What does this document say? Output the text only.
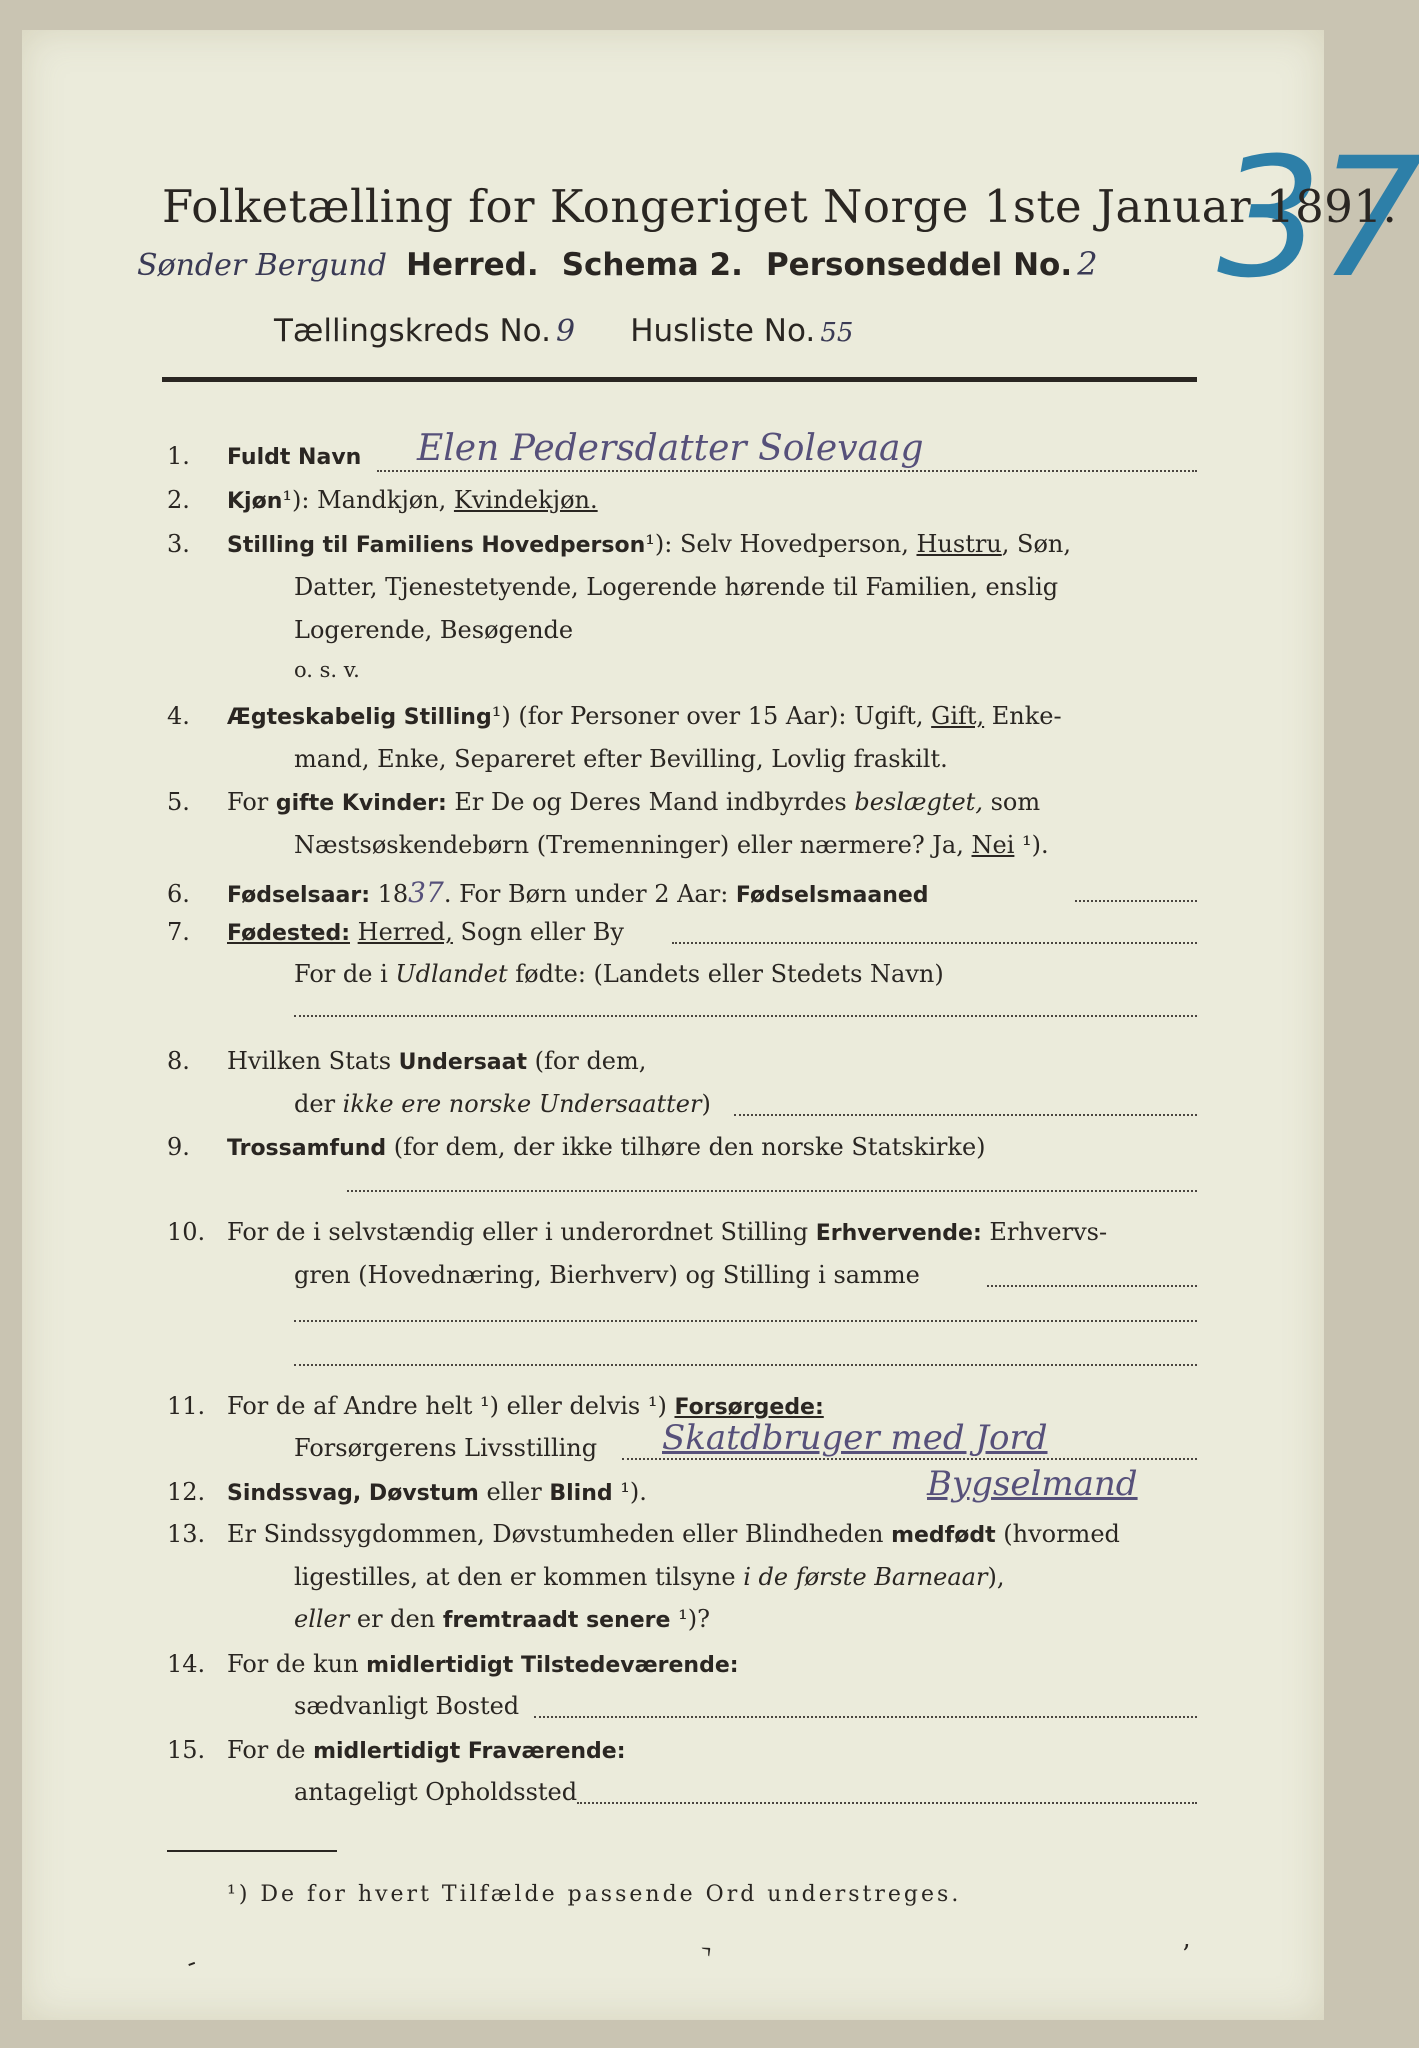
37
Folketælling for Kongeriget Norge 1ste Januar 1891.
Sønder Bergund Herred. Schema 2. Personseddel No. 2
Tællingskreds No. 9 Husliste No. 55
1. Fuldt Navn Elen Pedersdatter Solevaag
2. Kjøn¹): Mandkjøn, Kvindekjøn.
3. Stilling til Familiens Hovedperson¹): Selv Hovedperson, Hustru, Søn,
Datter, Tjenestetyende, Logerende hørende til Familien, enslig
Logerende, Besøgende
o. s. v.
4. Ægteskabelig Stilling¹) (for Personer over 15 Aar): Ugift, Gift, Enke-
mand, Enke, Separeret efter Bevilling, Lovlig fraskilt.
5. For gifte Kvinder: Er De og Deres Mand indbyrdes beslægtet, som
Næstsøskendebørn (Tremenninger) eller nærmere? Ja, Nei ¹).
6. Fødselsaar: 1837. For Børn under 2 Aar: Fødselsmaaned
7. Fødested: Herred, Sogn eller By
For de i Udlandet fødte: (Landets eller Stedets Navn)
8. Hvilken Stats Undersaat (for dem,
der ikke ere norske Undersaatter)
9. Trossamfund (for dem, der ikke tilhøre den norske Statskirke)
10. For de i selvstændig eller i underordnet Stilling Erhvervende: Erhvervs-
gren (Hovednæring, Bierhverv) og Stilling i samme
11. For de af Andre helt ¹) eller delvis ¹) Forsørgede:
Forsørgerens Livsstilling Skatdbruger med Jord
12. Sindssvag, Døvstum eller Blind ¹).	Bygselmand
13. Er Sindssygdommen, Døvstumheden eller Blindheden medfødt (hvormed
ligestilles, at den er kommen tilsyne i de første Barneaar),
eller er den fremtraadt senere ¹)?
14. For de kun midlertidigt Tilstedeværende:
sædvanligt Bosted
15. For de midlertidigt Fraværende:
antageligt Opholdssted
¹) De for hvert Tilfælde passende Ord understreges.
‐	›	’
